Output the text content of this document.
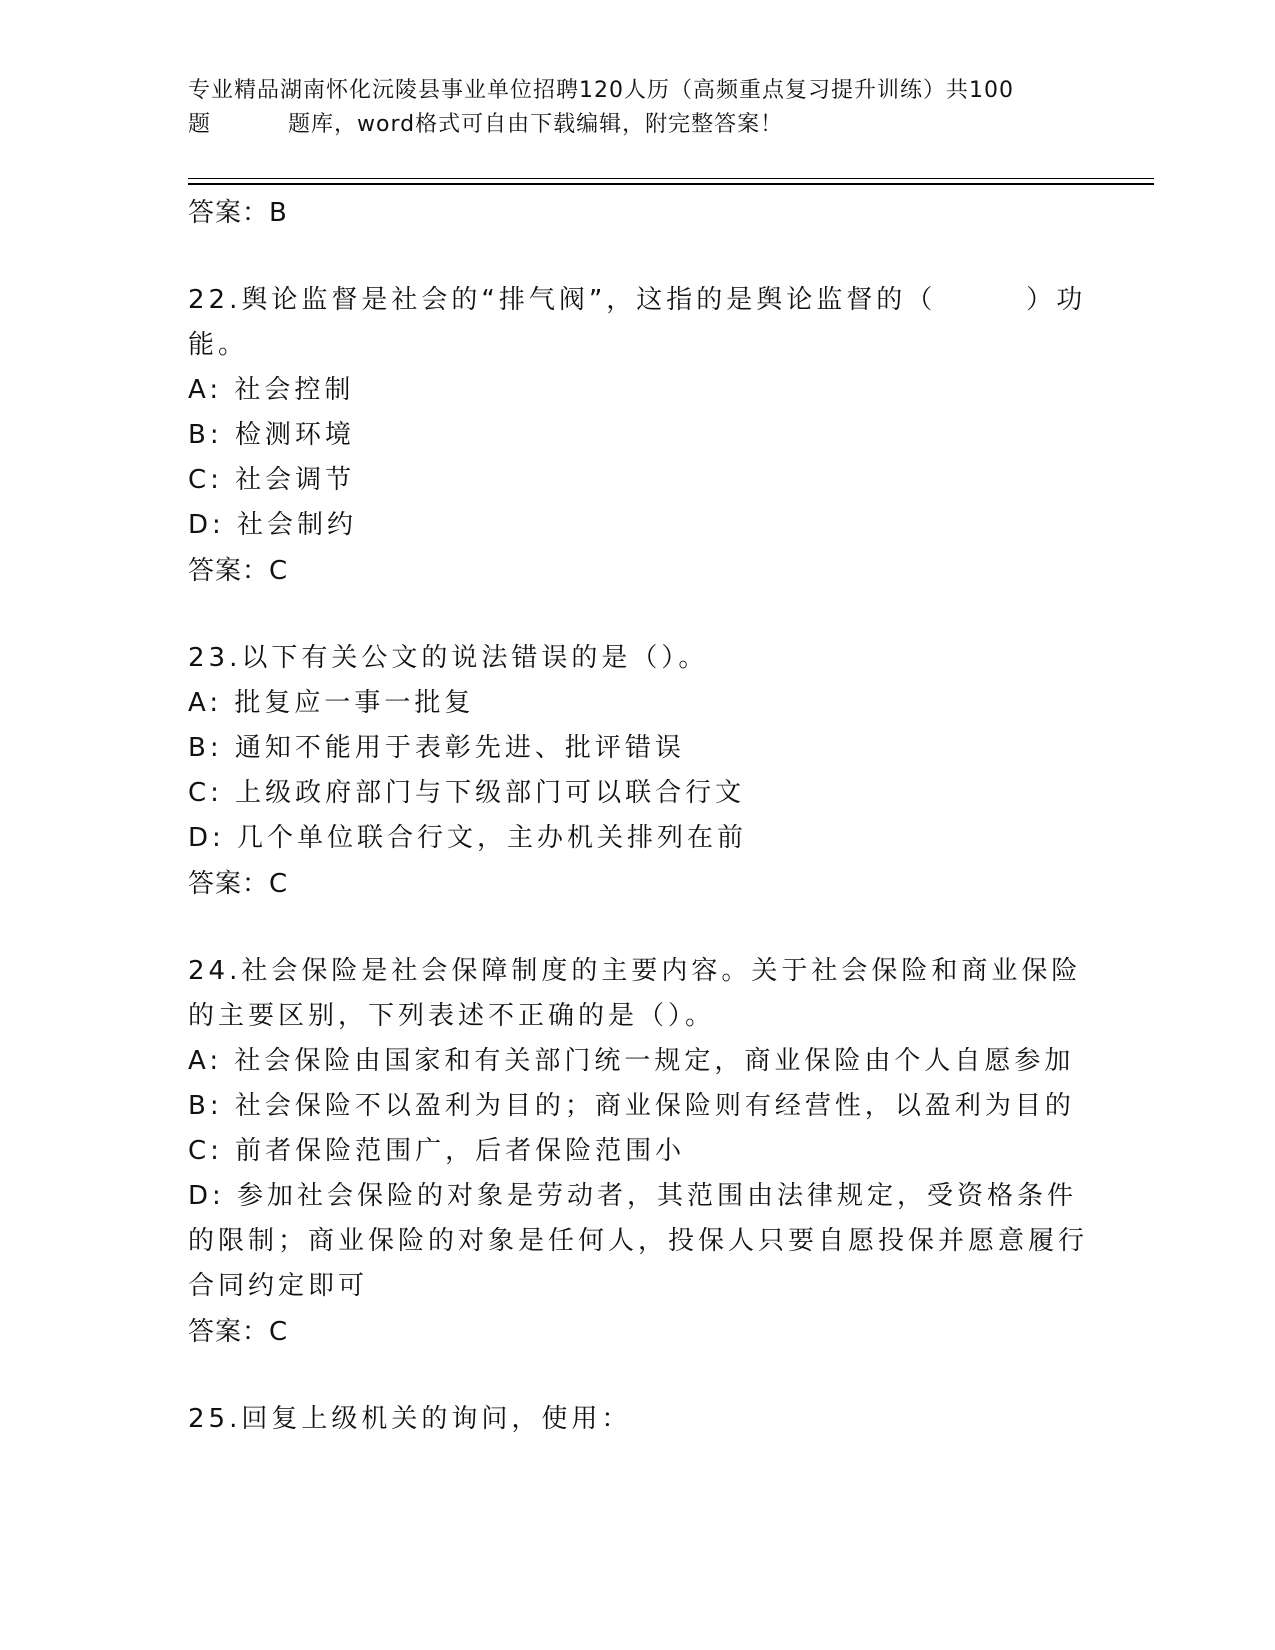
专业精品湖南怀化沅陵县事业单位招聘120人历（高频重点复习提升训练）共100
题	题库，word格式可自由下载编辑，附完整答案！
答案：B
22.舆论监督是社会的“排气阀”，这指的是舆论监督的（　　　）功能。
A: 社会控制
B: 检测环境
C: 社会调节
D: 社会制约
答案：C
23.以下有关公文的说法错误的是（）。
A: 批复应一事一批复
B: 通知不能用于表彰先进、批评错误
C: 上级政府部门与下级部门可以联合行文
D: 几个单位联合行文，主办机关排列在前
答案：C
24.社会保险是社会保障制度的主要内容。关于社会保险和商业保险的主要区别，下列表述不正确的是（）。
A: 社会保险由国家和有关部门统一规定，商业保险由个人自愿参加
B: 社会保险不以盈利为目的；商业保险则有经营性，以盈利为目的
C: 前者保险范围广，后者保险范围小
D: 参加社会保险的对象是劳动者，其范围由法律规定，受资格条件的限制；商业保险的对象是任何人，投保人只要自愿投保并愿意履行合同约定即可
答案：C
25.回复上级机关的询问，使用：
